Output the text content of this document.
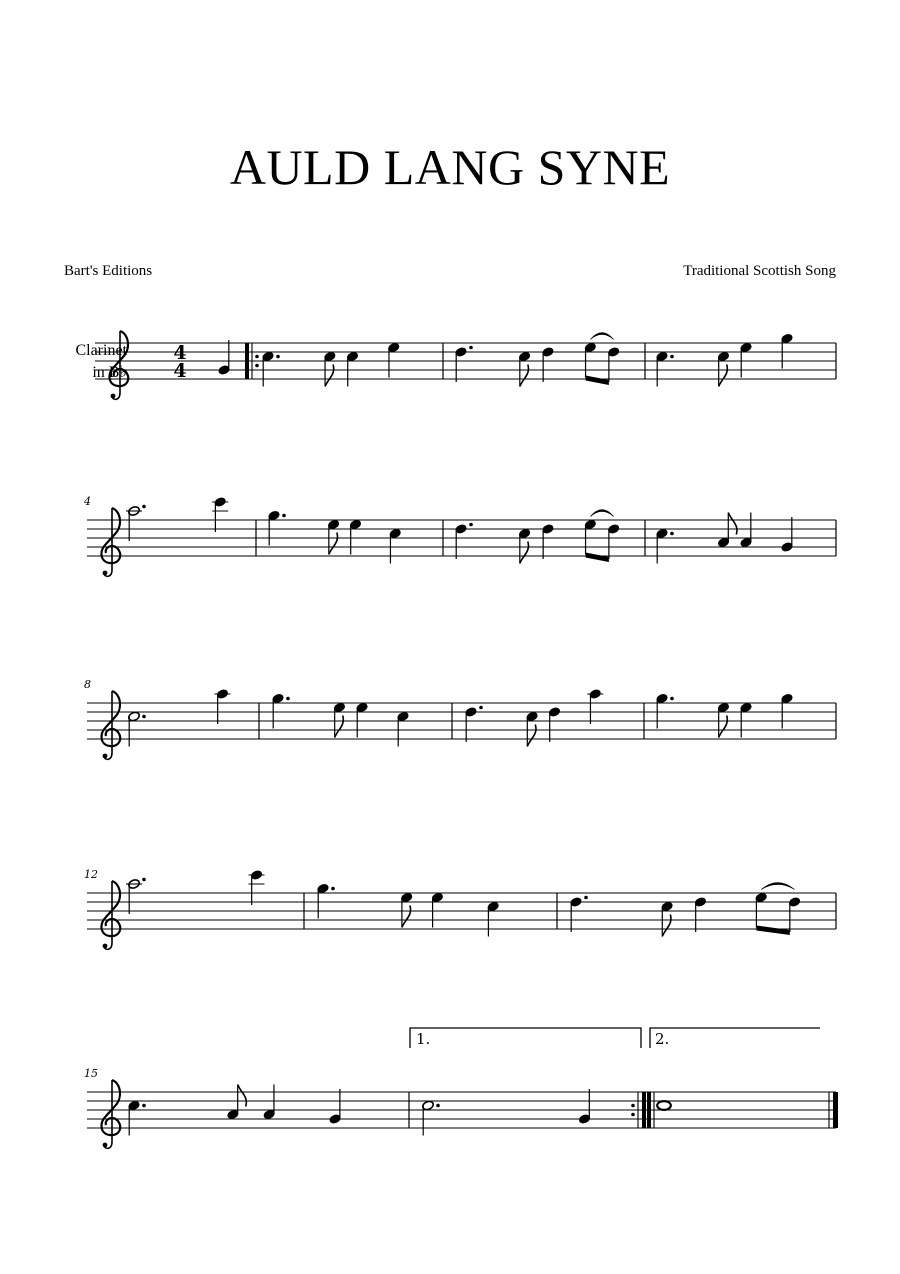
AULD LANG SYNE
Bart's Editions	Traditional Scottish Song
Clarinet
in B♭
4
4
4
8
12
15
1.	2.
